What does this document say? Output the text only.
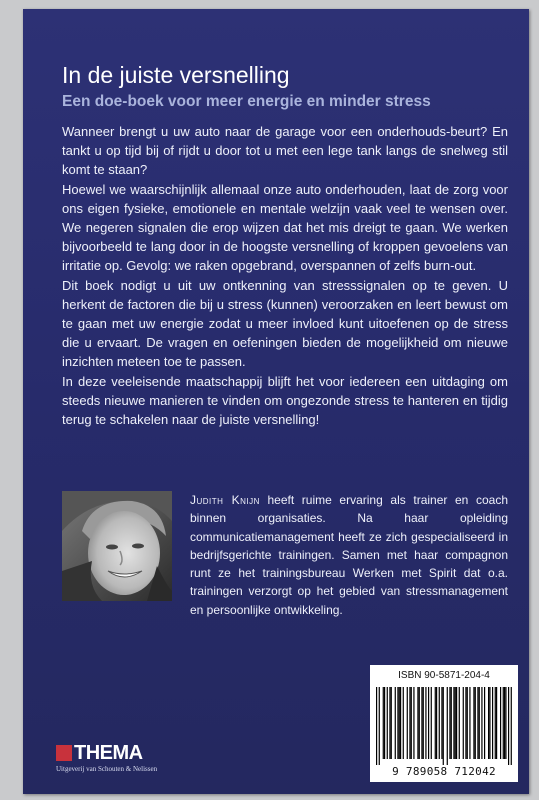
In de juiste versnelling
Een doe-boek voor meer energie en minder stress

Wanneer brengt u uw auto naar de garage voor een onderhouds-beurt? En tankt u op tijd bij of rijdt u door tot u met een lege tank langs de snelweg stil komt te staan?

Hoewel we waarschijnlijk allemaal onze auto onderhouden, laat de zorg voor ons eigen fysieke, emotionele en mentale welzijn vaak veel te wensen over. We negeren signalen die erop wijzen dat het mis dreigt te gaan. We werken bijvoorbeeld te lang door in de hoogste versnelling of kroppen gevoelens van irritatie op. Gevolg: we raken opgebrand, overspannen of zelfs burn-out.

Dit boek nodigt u uit uw ontkenning van stresssignalen op te geven. U herkent de factoren die bij u stress (kunnen) veroorzaken en leert bewust om te gaan met uw energie zodat u meer invloed kunt uitoefenen op de stress die u ervaart. De vragen en oefeningen bieden de mogelijkheid om nieuwe inzichten meteen toe te passen.

In deze veeleisende maatschappij blijft het voor iedereen een uitdaging om steeds nieuwe manieren te vinden om ongezonde stress te hanteren en tijdig terug te schakelen naar de juiste versnelling!

Judith Knijn heeft ruime ervaring als trainer en coach binnen organisaties. Na haar opleiding communicatiemanagement heeft ze zich gespecialiseerd in bedrijfsgerichte trainingen. Samen met haar compagnon runt ze het trainingsbureau Werken met Spirit dat o.a. trainingen verzorgt op het gebied van stressmanagement en persoonlijke ontwikkeling.

ISBN 90-5871-204-4
9 789058 712042
THEMA
Uitgeverij van Schouten & Nelissen
